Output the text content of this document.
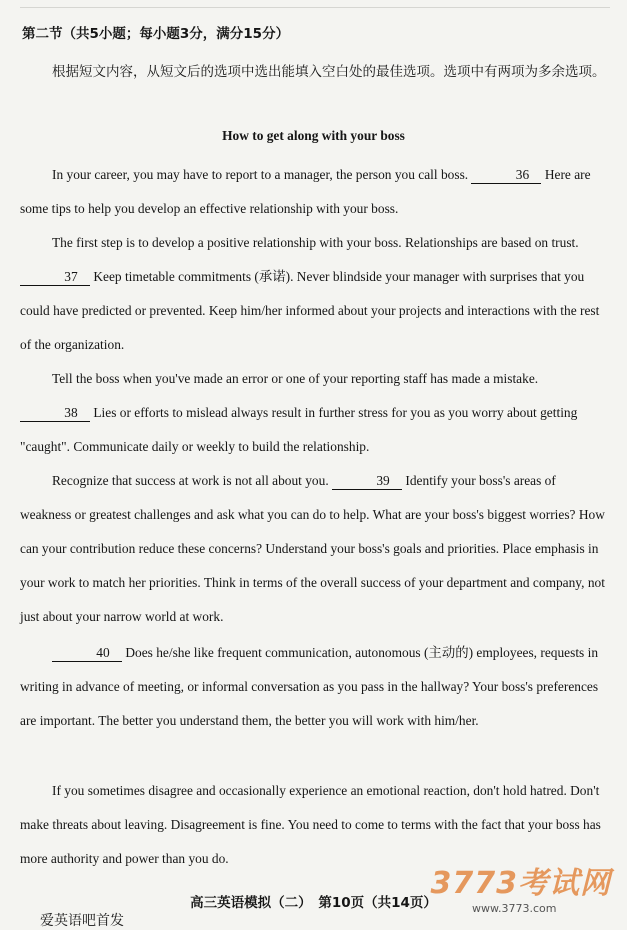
第二节（共5小题；每小题3分，满分15分）
根据短文内容，从短文后的选项中选出能填入空白处的最佳选项。选项中有两项为多余选项。
How to get along with your boss

In your career, you may have to report to a manager, the person you call boss.	36 Here are some tips to help you develop an effective relationship with your boss.

The first step is to develop a positive relationship with your boss. Relationships are based on trust. 37 Keep timetable commitments (承诺). Never blindside your manager with surprises that you could have predicted or prevented. Keep him/her informed about your projects and interactions with the rest of the organization.

Tell the boss when you've made an error or one of your reporting staff has made a mistake. 38 Lies or efforts to mislead always result in further stress for you as you worry about getting "caught". Communicate daily or weekly to build the relationship.

Recognize that success at work is not all about you.	39 Identify your boss's areas of weakness or greatest challenges and ask what you can do to help. What are your boss's biggest worries? How can your contribution reduce these concerns? Understand your boss's goals and priorities. Place emphasis in your work to match her priorities. Think in terms of the overall success of your department and company, not just about your narrow world at work.

40 Does he/she like frequent communication, autonomous (主动的) employees, requests in writing in advance of meeting, or informal conversation as you pass in the hallway? Your boss's preferences are important. The better you understand them, the better you will work with him/her.

If you sometimes disagree and occasionally experience an emotional reaction, don't hold hatred. Don't make threats about leaving. Disagreement is fine. You need to come to terms with the fact that your boss has more authority and power than you do.

3773考试网
www.3773.com
高三英语模拟（二）　第10页（共14页）
爱英语吧首发
